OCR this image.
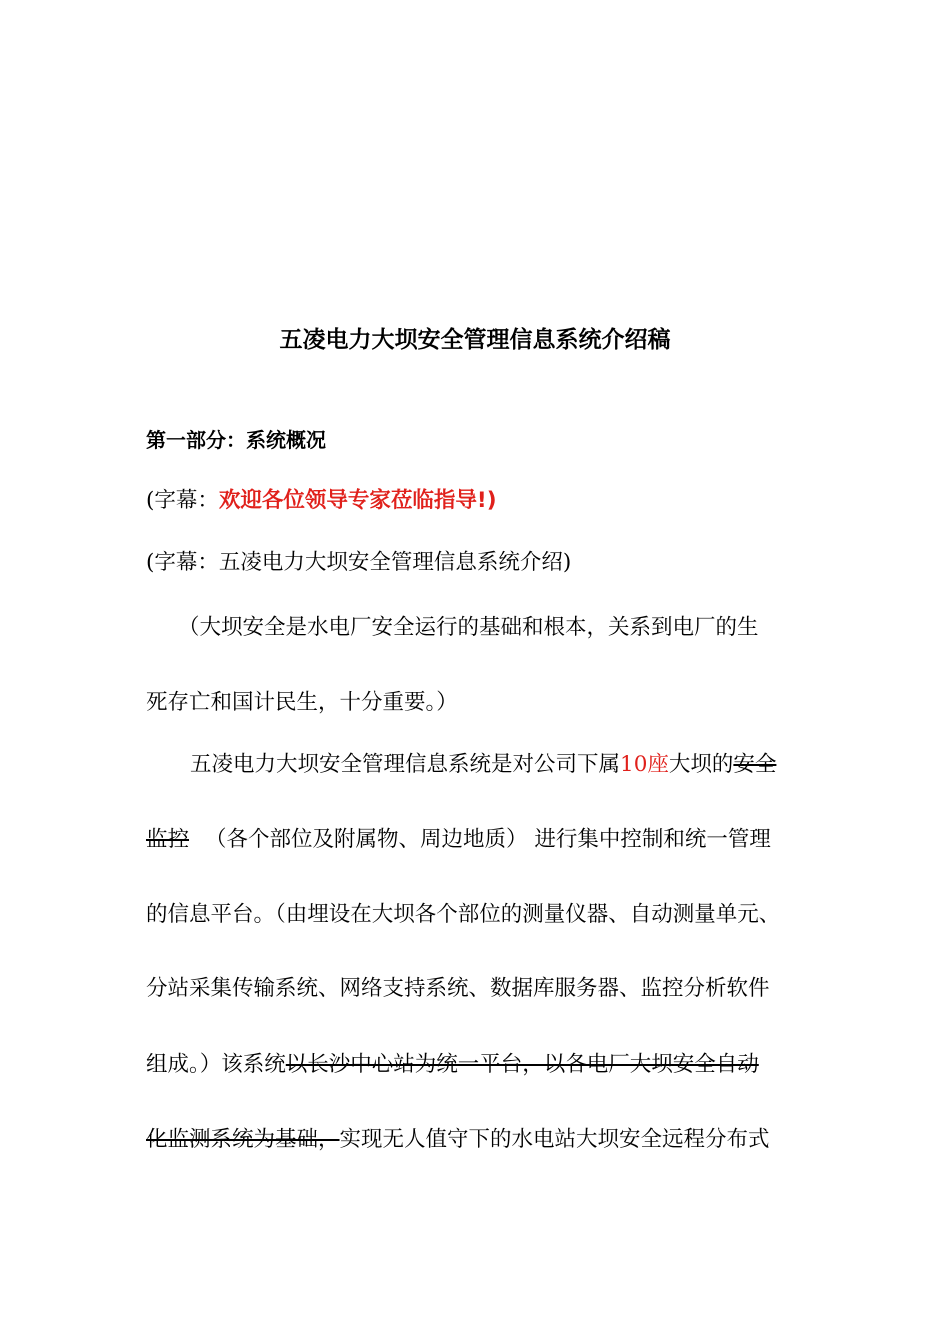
五凌电力大坝安全管理信息系统介绍稿
第一部分：系统概况
(字幕：欢迎各位领导专家莅临指导!)
(字幕：五凌电力大坝安全管理信息系统介绍)
（大坝安全是水电厂安全运行的基础和根本，关系到电厂的生
死存亡和国计民生，十分重要。）
五凌电力大坝安全管理信息系统是对公司下属10座大坝的安全
监控 （各个部位及附属物、周边地质） 进行集中控制和统一管理
的信息平台。（由埋设在大坝各个部位的测量仪器、自动测量单元、
分站采集传输系统、网络支持系统、数据库服务器、监控分析软件
组成。）该系统以长沙中心站为统一平台，以各电厂大坝安全自动
化监测系统为基础，实现无人值守下的水电站大坝安全远程分布式
